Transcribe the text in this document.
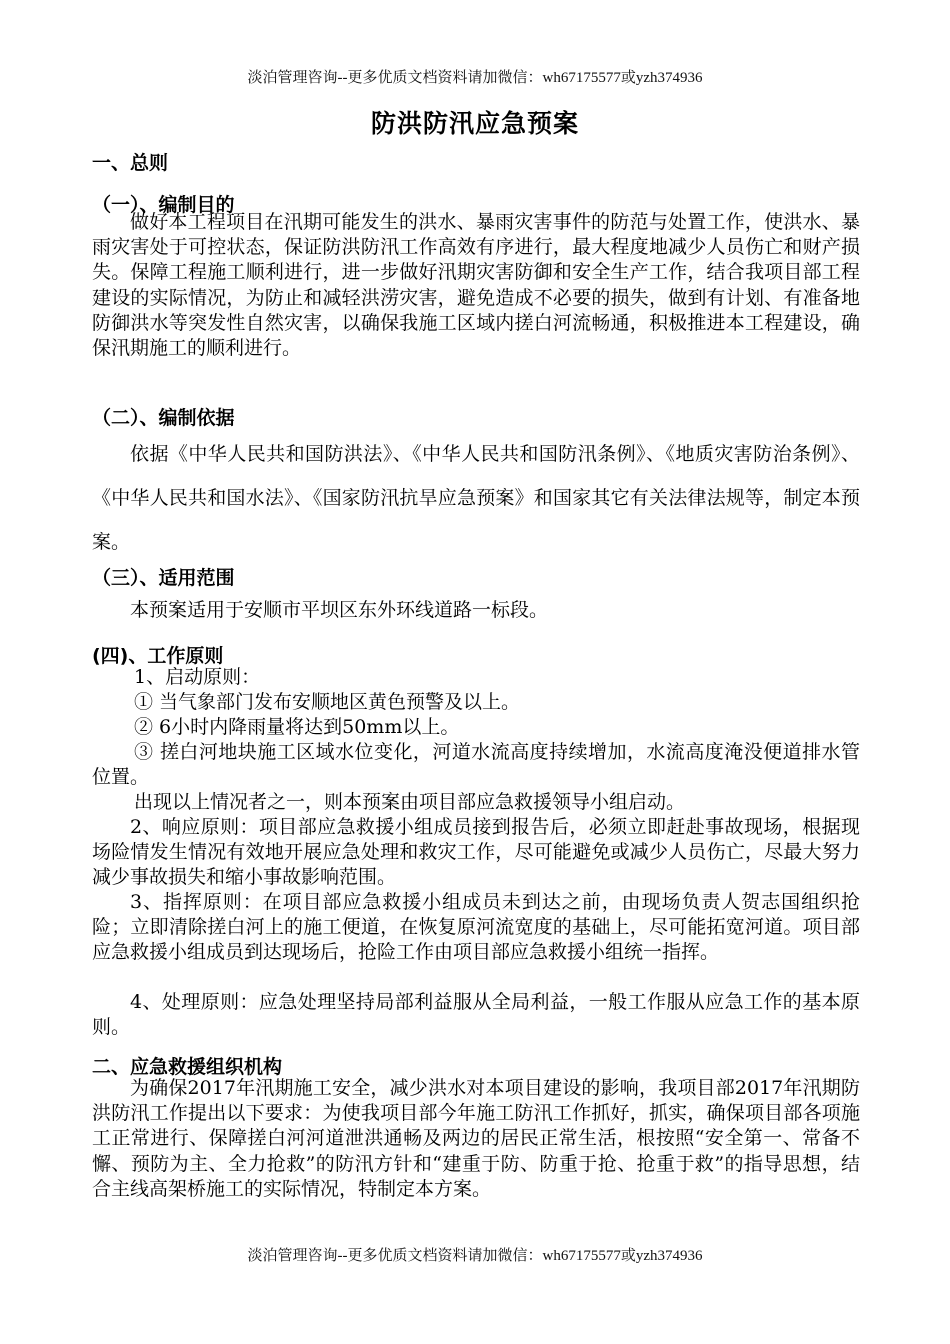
淡泊管理咨询--更多优质文档资料请加微信：wh67175577或yzh374936
防洪防汛应急预案
一、总则
（一）、编制目的
做好本工程项目在汛期可能发生的洪水、暴雨灾害事件的防范与处置工作，使洪水、暴雨灾害处于可控状态，保证防洪防汛工作高效有序进行，最大程度地减少人员伤亡和财产损失。保障工程施工顺利进行，进一步做好汛期灾害防御和安全生产工作，结合我项目部工程建设的实际情况，为防止和减轻洪涝灾害，避免造成不必要的损失，做到有计划、有准备地防御洪水等突发性自然灾害，以确保我施工区域内搓白河流畅通，积极推进本工程建设，确保汛期施工的顺利进行。
（二）、编制依据
依据《中华人民共和国防洪法》、《中华人民共和国防汛条例》、《地质灾害防治条例》、《中华人民共和国水法》、《国家防汛抗旱应急预案》和国家其它有关法律法规等，制定本预案。
（三）、适用范围
本预案适用于安顺市平坝区东外环线道路一标段。
(四)、工作原则
1、启动原则：
① 当气象部门发布安顺地区黄色预警及以上。
② 6小时内降雨量将达到50mm以上。
③ 搓白河地块施工区域水位变化，河道水流高度持续增加，水流高度淹没便道排水管位置。
出现以上情况者之一，则本预案由项目部应急救援领导小组启动。
2、响应原则：项目部应急救援小组成员接到报告后，必须立即赶赴事故现场，根据现场险情发生情况有效地开展应急处理和救灾工作，尽可能避免或减少人员伤亡，尽最大努力减少事故损失和缩小事故影响范围。
3、指挥原则：在项目部应急救援小组成员未到达之前，由现场负责人贺志国组织抢险；立即清除搓白河上的施工便道，在恢复原河流宽度的基础上，尽可能拓宽河道。项目部应急救援小组成员到达现场后，抢险工作由项目部应急救援小组统一指挥。
4、处理原则：应急处理坚持局部利益服从全局利益，一般工作服从应急工作的基本原则。
二、应急救援组织机构
为确保2017年汛期施工安全，减少洪水对本项目建设的影响，我项目部2017年汛期防洪防汛工作提出以下要求：为使我项目部今年施工防汛工作抓好，抓实，确保项目部各项施工正常进行、保障搓白河河道泄洪通畅及两边的居民正常生活，根按照“安全第一、常备不懈、预防为主、全力抢救”的防汛方针和“建重于防、防重于抢、抢重于救”的指导思想，结合主线高架桥施工的实际情况，特制定本方案。
淡泊管理咨询--更多优质文档资料请加微信：wh67175577或yzh374936
